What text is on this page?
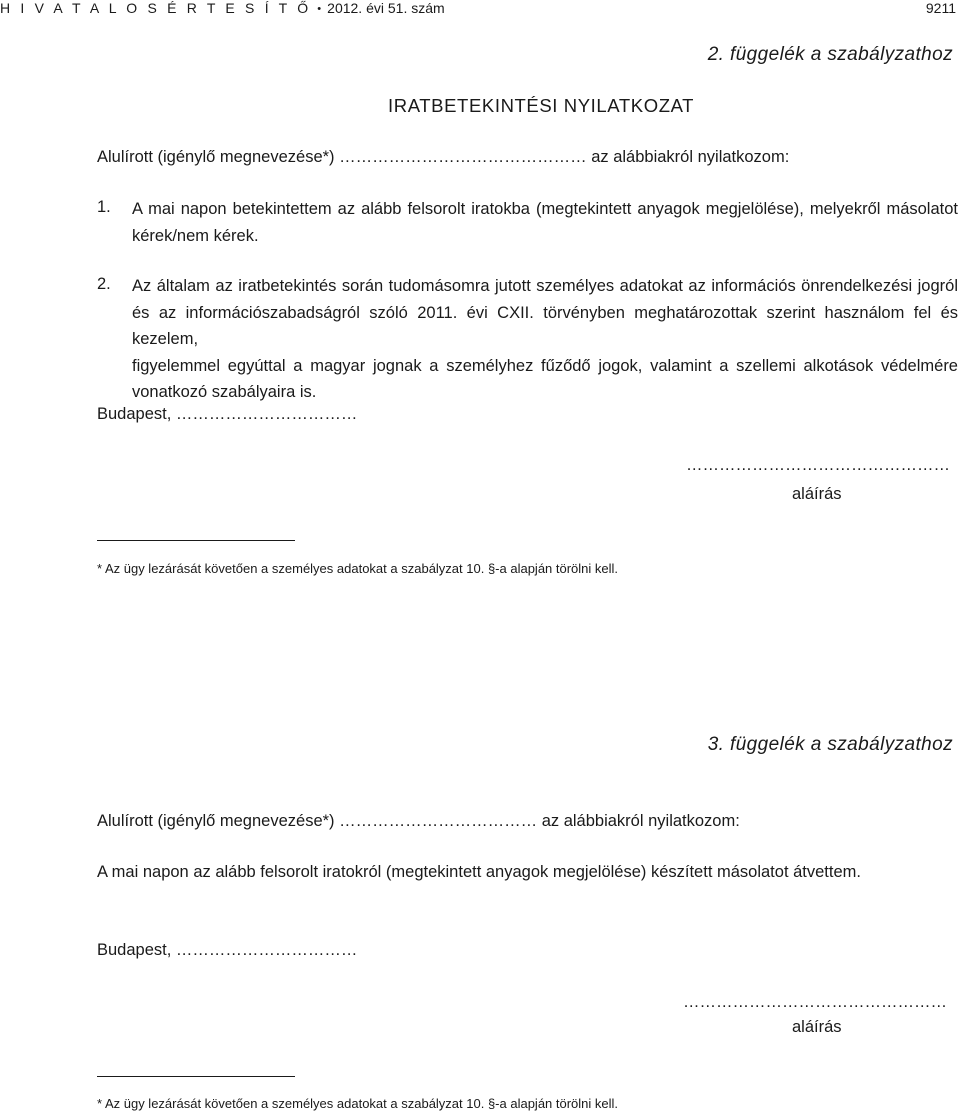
H I V A T A L O S É R T E S Í T Ő • 2012. évi 51. szám	9211
2. függelék a szabályzathoz
IRATBETEKINTÉSI NYILATKOZAT
Alulírott (igénylő megnevezése*) ……………………………………… az alábbiakról nyilatkozom:
1. A mai napon betekintettem az alább felsorolt iratokba (megtekintett anyagok megjelölése), melyekről másolatot
kérek/nem kérek.
2. Az általam az iratbetekintés során tudomásomra jutott személyes adatokat az információs önrendelkezési jogról
és az információszabadságról szóló 2011. évi CXII. törvényben meghatározottak szerint használom fel és kezelem,
figyelemmel egyúttal a magyar jognak a személyhez fűződő jogok, valamint a szellemi alkotások védelmére
vonatkozó szabályaira is.
Budapest, ……………………………
…………………………………………
aláírás
* Az ügy lezárását követően a személyes adatokat a szabályzat 10. §-a alapján törölni kell.
3. függelék a szabályzathoz
Alulírott (igénylő megnevezése*) ……………………………… az alábbiakról nyilatkozom:
A mai napon az alább felsorolt iratokról (megtekintett anyagok megjelölése) készített másolatot átvettem.
Budapest, ……………………………
…………………………………………
aláírás
* Az ügy lezárását követően a személyes adatokat a szabályzat 10. §-a alapján törölni kell.
